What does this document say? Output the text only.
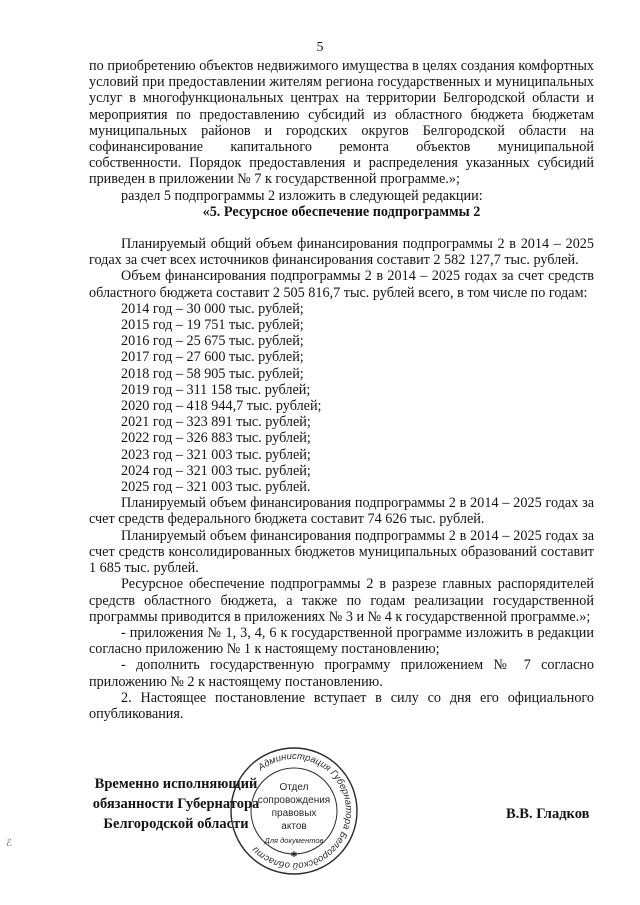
5

по приобретению объектов недвижимого имущества в целях создания комфортных условий при предоставлении жителям региона государственных и муниципальных услуг в многофункциональных центрах на территории Белгородской области и мероприятия по предоставлению субсидий из областного бюджета бюджетам муниципальных районов и городских округов Белгородской области на софинансирование капитального ремонта объектов муниципальной собственности. Порядок предоставления и распределения указанных субсидий приведен в приложении № 7 к государственной программе.»;

раздел 5 подпрограммы 2 изложить в следующей редакции:

«5. Ресурсное обеспечение подпрограммы 2

Планируемый общий объем финансирования подпрограммы 2 в 2014 – 2025 годах за счет всех источников финансирования составит 2 582 127,7 тыс. рублей.

Объем финансирования подпрограммы 2 в 2014 – 2025 годах за счет средств областного бюджета составит 2 505 816,7 тыс. рублей всего, в том числе по годам:

2014 год – 30 000 тыс. рублей;
2015 год – 19 751 тыс. рублей;
2016 год – 25 675 тыс. рублей;
2017 год – 27 600 тыс. рублей;
2018 год – 58 905 тыс. рублей;
2019 год – 311 158 тыс. рублей;
2020 год – 418 944,7 тыс. рублей;
2021 год – 323 891 тыс. рублей;
2022 год – 326 883 тыс. рублей;
2023 год – 321 003 тыс. рублей;
2024 год – 321 003 тыс. рублей;
2025 год – 321 003 тыс. рублей.

Планируемый объем финансирования подпрограммы 2 в 2014 – 2025 годах за счет средств федерального бюджета составит 74 626 тыс. рублей.

Планируемый объем финансирования подпрограммы 2 в 2014 – 2025 годах за счет средств консолидированных бюджетов муниципальных образований составит 1 685 тыс. рублей.

Ресурсное обеспечение подпрограммы 2 в разрезе главных распорядителей средств областного бюджета, а также по годам реализации государственной программы приводится в приложениях № 3 и № 4 к государственной программе.»;

- приложения № 1, 3, 4, 6 к государственной программе изложить в редакции согласно приложению № 1 к настоящему постановлению;

- дополнить государственную программу приложением № 7 согласно приложению № 2 к настоящему постановлению.

2. Настоящее постановление вступает в силу со дня его официального опубликования.

Временно исполняющий
обязанности Губернатора
Белгородской области
Администрация Губернатора Белгородской области
Отдел
сопровождения
правовых
актов
Для документов
✱
В.В. Гладков
ℰ
